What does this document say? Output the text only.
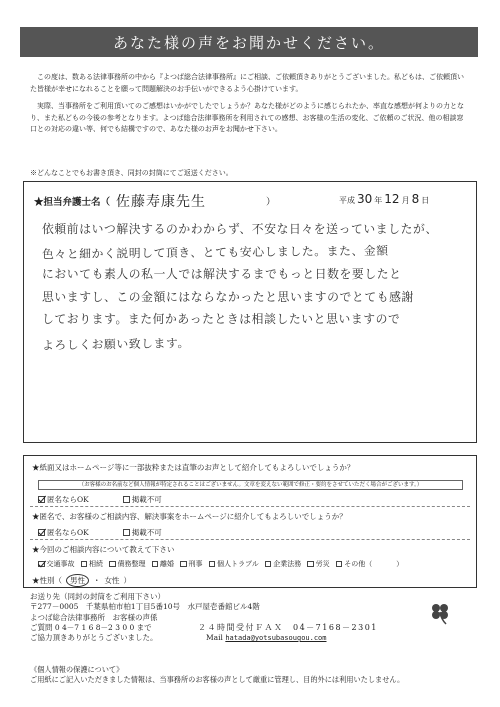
あなた様の声をお聞かせください。

この度は、数ある法律事務所の中から『よつば総合法律事務所』にご相談、ご依頼頂きありがとうございました。私どもは、ご依頼頂いた皆様が幸せになれることを願って問題解決のお手伝いができるよう心掛けています。

実際、当事務所をご利用頂いてのご感想はいかがでしたでしょうか？あなた様がどのように感じられたか、率直な感想が何よりの力となり、また私どもの今後の参考となります。よつば総合法律事務所を利用されての感想、お客様の生活の変化、ご依頼のご状況、他の相談窓口との対応の違い等、何でも結構ですので、あなた様のお声をお聞かせ下さい。

※どんなことでもお書き頂き、同封の封筒にてご返送ください。
★担当弁護士名（ 佐藤寿康先生	）	平成 30 年 12 月 8 日
依頼前はいつ解決するのかわからず、不安な日々を送っていましたが、
色々と細かく説明して頂き、とても安心しました。また、金額
においても素人の私一人では解決するまでもっと日数を要したと
思いますし、この金額にはならなかったと思いますのでとても感謝
しております。また何かあったときは相談したいと思いますので
よろしくお願い致します。
★紙面又はホームページ等に一部抜粋または直筆のお声として紹介してもよろしいでしょうか？
（お客様のお名前など個人情報が特定されることはございません。文章を変えない範囲で修正・要約をさせていただく場合がございます。）
匿名ならOK	掲載不可
★匿名で、お客様のご相談内容、解決事案をホームページに紹介してもよろしいでしょうか？
匿名ならOK	掲載不可
★今回のご相談内容について教えて下さい
交通事故 相続 債務整理 離婚 刑事 個人トラブル 企業法務 労災 その他（	）
★性別（	男性	・ 女性 ）
お送り先（同封の封筒をご利用下さい）
〒277－0005　千葉県柏市柏1丁目5番10号　水戸屋壱番館ビル4階
よつば総合法律事務所　お客様の声係
ご質問 0 4－7 1 6 8－2 3 0 0 まで
ご協力頂きありがとうございました。
２４時間受付ＦＡＸ　04－7168－2301
Mail hatada@yotsubasougou.com
《個人情報の保護について》
ご用紙にご記入いただきました情報は、当事務所のお客様の声として厳重に管理し、目的外には利用いたしません。
